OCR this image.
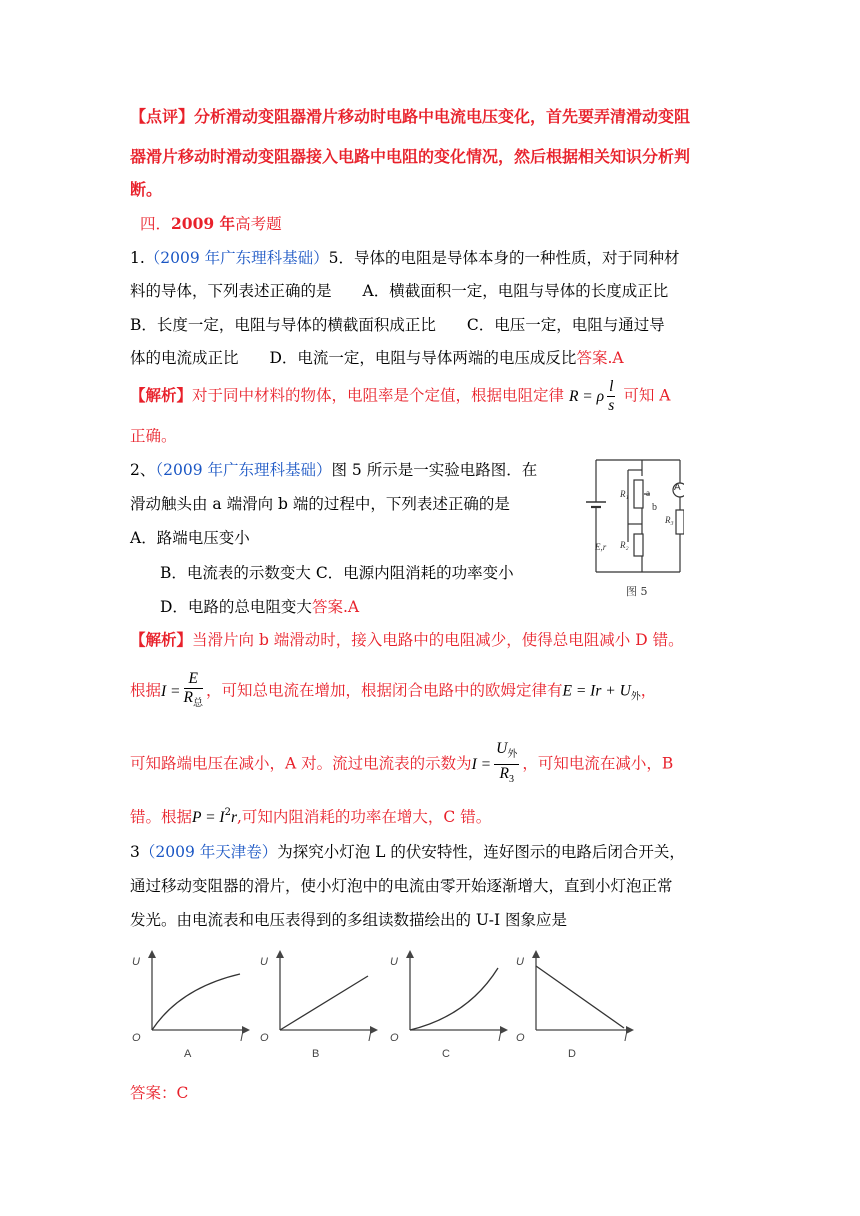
【点评】分析滑动变阻器滑片移动时电路中电流电压变化，首先要弄清滑动变阻
器滑片移动时滑动变阻器接入电路中电阻的变化情况，然后根据相关知识分析判
断。
四．2009 年高考题
1.（2009 年广东理科基础）5．导体的电阻是导体本身的一种性质，对于同种材
料的导体，下列表述正确的是　　A．横截面积一定，电阻与导体的长度成正比
B．长度一定，电阻与导体的横截面积成正比　　C．电压一定，电阻与通过导
体的电流成正比　　D．电流一定，电阻与导体两端的电压成反比答案.A
【解析】对于同中材料的物体，电阻率是个定值，根据电阻定律 R = ρ $\frac{l}{s}$ 可知 A
正确。
2、（2009 年广东理科基础）图 5 所示是一实验电路图．在
滑动触头由 a 端滑向 b 端的过程中，下列表述正确的是
A．路端电压变小
B．电流表的示数变大 C．电源内阻消耗的功率变小
D．电路的总电阻变大答案.A
A
R₁ a
b
R₃
R₂
E,r
图 5
【解析】当滑片向 b 端滑动时，接入电路中的电阻减少，使得总电阻减小 D 错。
根据$I = \frac{E}{R_总}$ ，可知总电流在增加，根据闭合电路中的欧姆定律有$E = Ir + U_外$，
可知路端电压在减小，A 对。流过电流表的示数为$I = \frac{U_外}{R_3}$ ，可知电流在减小，B
错。根据$P = I^2r$,可知内阻消耗的功率在增大，C 错。
3（2009 年天津卷）为探究小灯泡 L 的伏安特性，连好图示的电路后闭合开关，
通过移动变阻器的滑片，使小灯泡中的电流由零开始逐渐增大，直到小灯泡正常
发光。由电流表和电压表得到的多组读数描绘出的 U-I 图象应是
U
O	I
A
U
O	I
B
U
O	I
C
U
O	I
D
答案：C
